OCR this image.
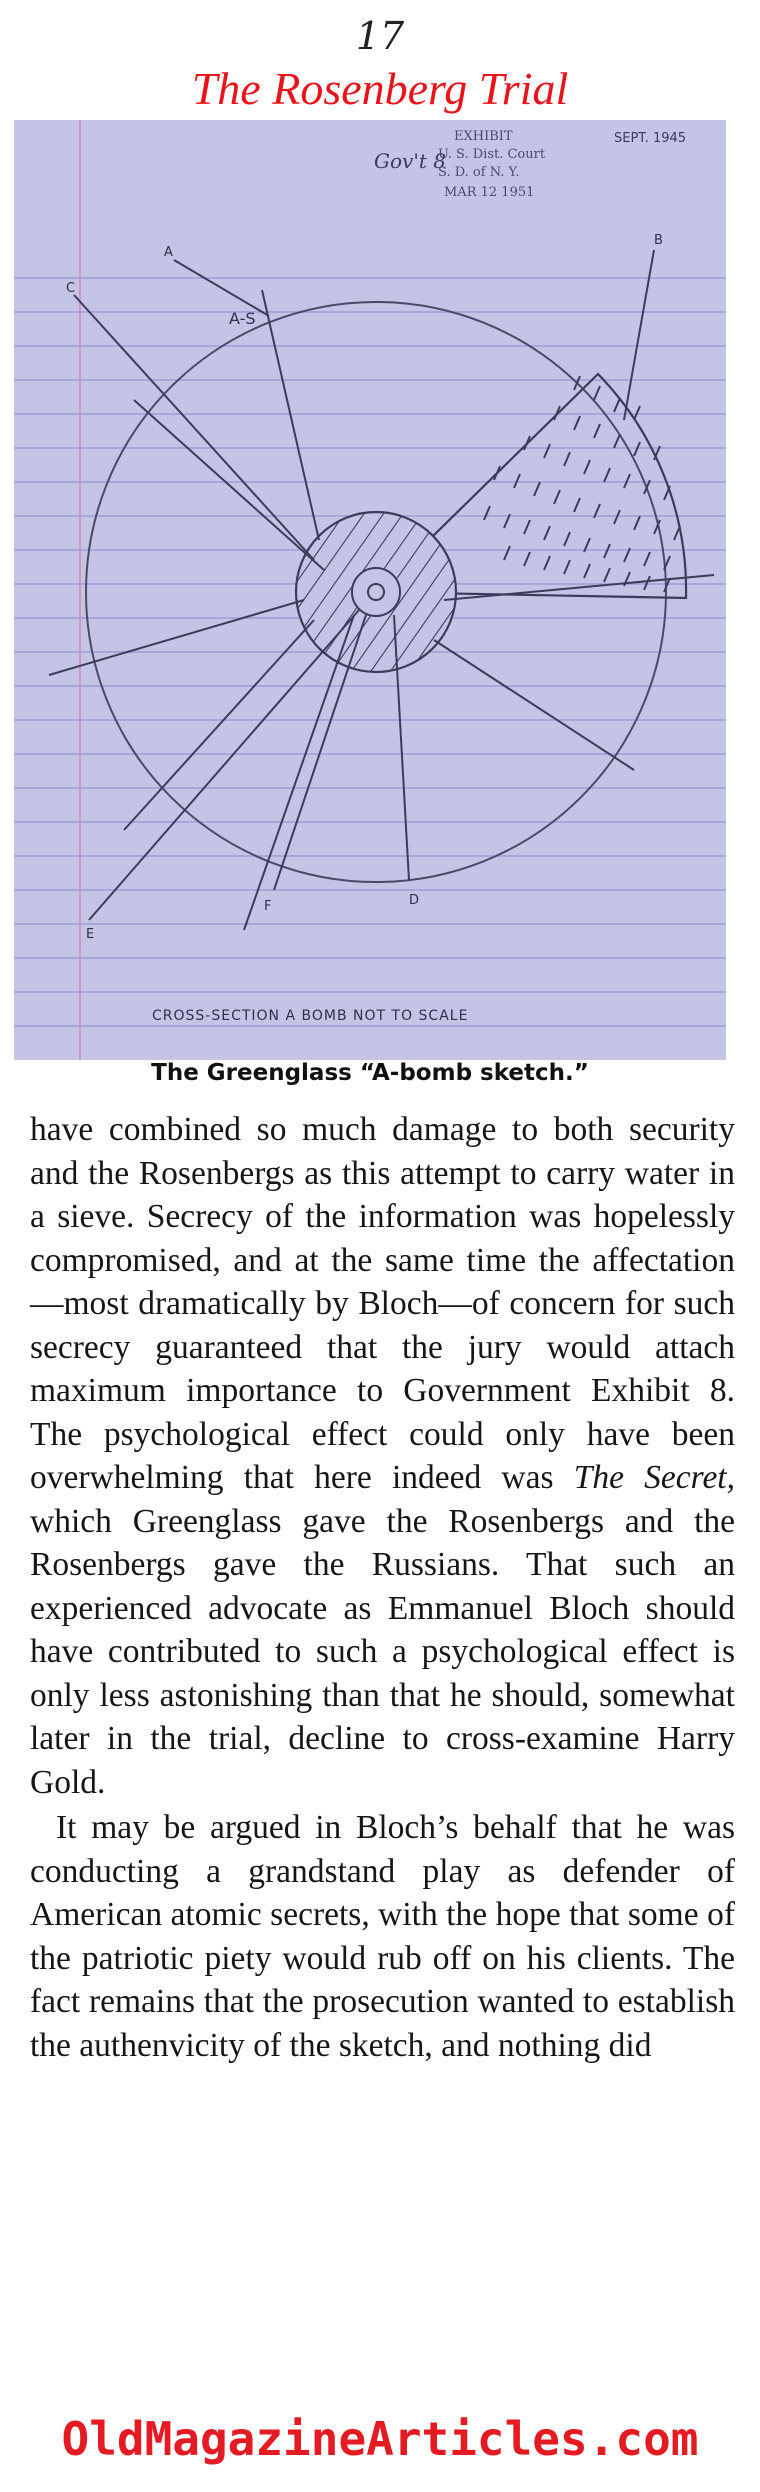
17
The Rosenberg Trial
A
B
C
D
E
F
A-S
EXHIBIT
U. S. Dist. Court
S. D. of N. Y.
MAR 12 1951
Gov't 8
SEPT. 1945
CROSS-SECTION A BOMB NOT TO SCALE
The Greenglass “A-bomb sketch.”

have combined so much damage to both security and the Rosenbergs as this attempt to carry water in a sieve. Secrecy of the information was hopelessly compromised, and at the same time the affectation—most dramatically by Bloch—of concern for such secrecy guaranteed that the jury would attach maximum importance to Government Exhibit 8. The psychological effect could only have been overwhelming that here indeed was The Secret, which Greenglass gave the Rosenbergs and the Rosenbergs gave the Russians. That such an experienced advocate as Emmanuel Bloch should have contributed to such a psychological effect is only less astonishing than that he should, somewhat later in the trial, decline to cross-examine Harry Gold.

It may be argued in Bloch’s behalf that he was conducting a grandstand play as defender of American atomic secrets, with the hope that some of the patriotic piety would rub off on his clients. The fact remains that the prosecution wanted to establish the authenvicity of the sketch, and nothing did

OldMagazineArticles.com
